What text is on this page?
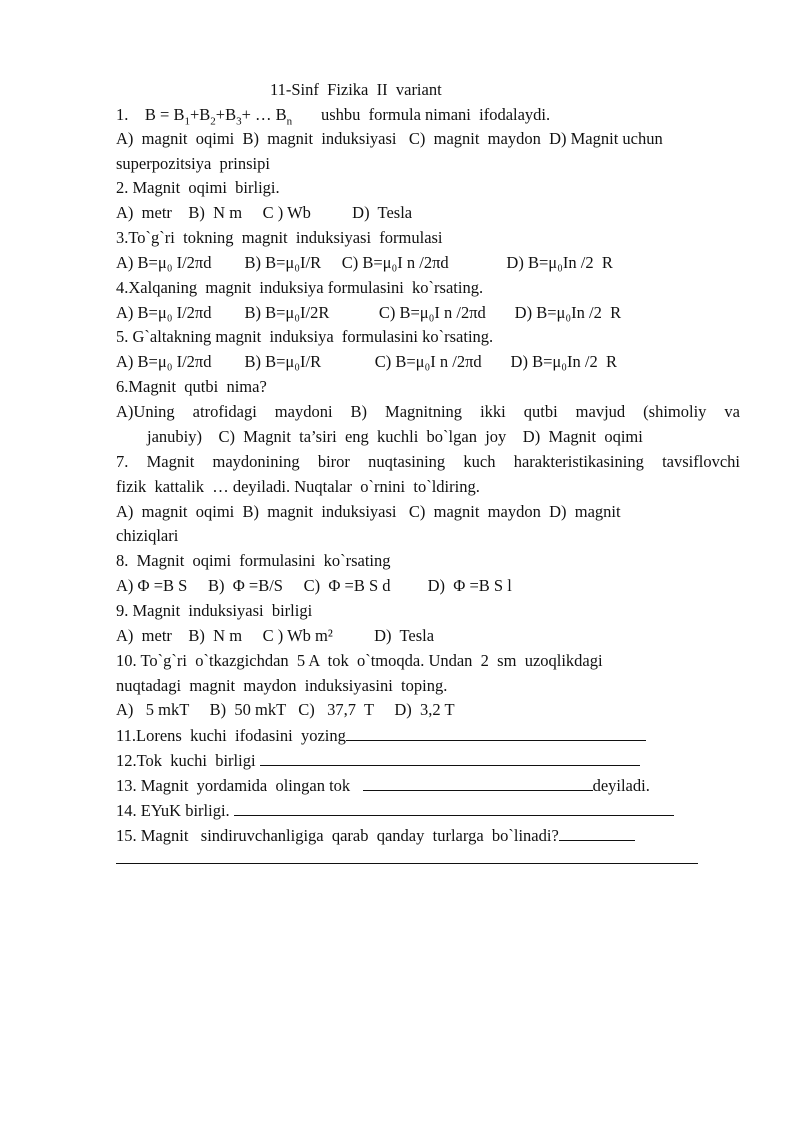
11-Sinf  Fizika  II  variant
1. $B = B_1+B_2+B_3+$ … $B_n$ ushbu  formula nimani  ifodalaydi.
A)  magnit  oqimi  B)  magnit  induksiyasi   C)  magnit  maydon  D) Magnit uchun
superpozitsiya  prinsipi
2. Magnit  oqimi  birligi.
A)  metr    B)  N m     C ) Wb          D)  Tesla
3.To`g`ri  tokning  magnit  induksiyasi  formulasi
A) B=μ₀ I/2πd        B) B=μ₀I/R     C) B=μ₀I n /2πd              D) B=μ₀In /2  R
4.Xalqaning  magnit  induksiya formulasini  ko`rsating.
A) B=μ₀ I/2πd        B) B=μ₀I/2R            C) B=μ₀I n /2πd       D) B=μ₀In /2  R
5. G`altakning magnit  induksiya  formulasini ko`rsating.
A) B=μ₀ I/2πd        B) B=μ₀I/R             C) B=μ₀I n /2πd       D) B=μ₀In /2  R
6.Magnit  qutbi  nima?
A)Uning atrofidagi maydoni B) Magnitning ikki qutbi mavjud (shimoliy va
janubiy)    C)  Magnit  ta’siri  eng  kuchli  bo`lgan  joy    D)  Magnit  oqimi
7. Magnit maydonining biror nuqtasining kuch harakteristikasining tavsiflovchi
fizik  kattalik  … deyiladi. Nuqtalar  o`rnini  to`ldiring.
A)  magnit  oqimi  B)  magnit  induksiyasi   C)  magnit  maydon  D)  magnit
chiziqlari
8.  Magnit  oqimi  formulasini  ko`rsating
A) Φ =B S     B)  Φ =B/S     C)  Φ =B S d         D)  Φ =B S l
9. Magnit  induksiyasi  birligi
A)  metr    B)  N m     C ) Wb m²          D)  Tesla
10. To`g`ri  o`tkazgichdan  5 A  tok  o`tmoqda. Undan  2  sm  uzoqlikdagi
nuqtadagi  magnit  maydon  induksiyasini  toping.
A)   5 mkT     B)  50 mkT   C)   37,7  T     D)  3,2 T
11.Lorens  kuchi  ifodasini  yozing
12.Tok  kuchi  birligi
13. Magnit  yordamida  olingan tok	deyiladi.
14. EYuK birligi.
15. Magnit   sindiruvchanligiga  qarab  qanday  turlarga  bo`linadi?
